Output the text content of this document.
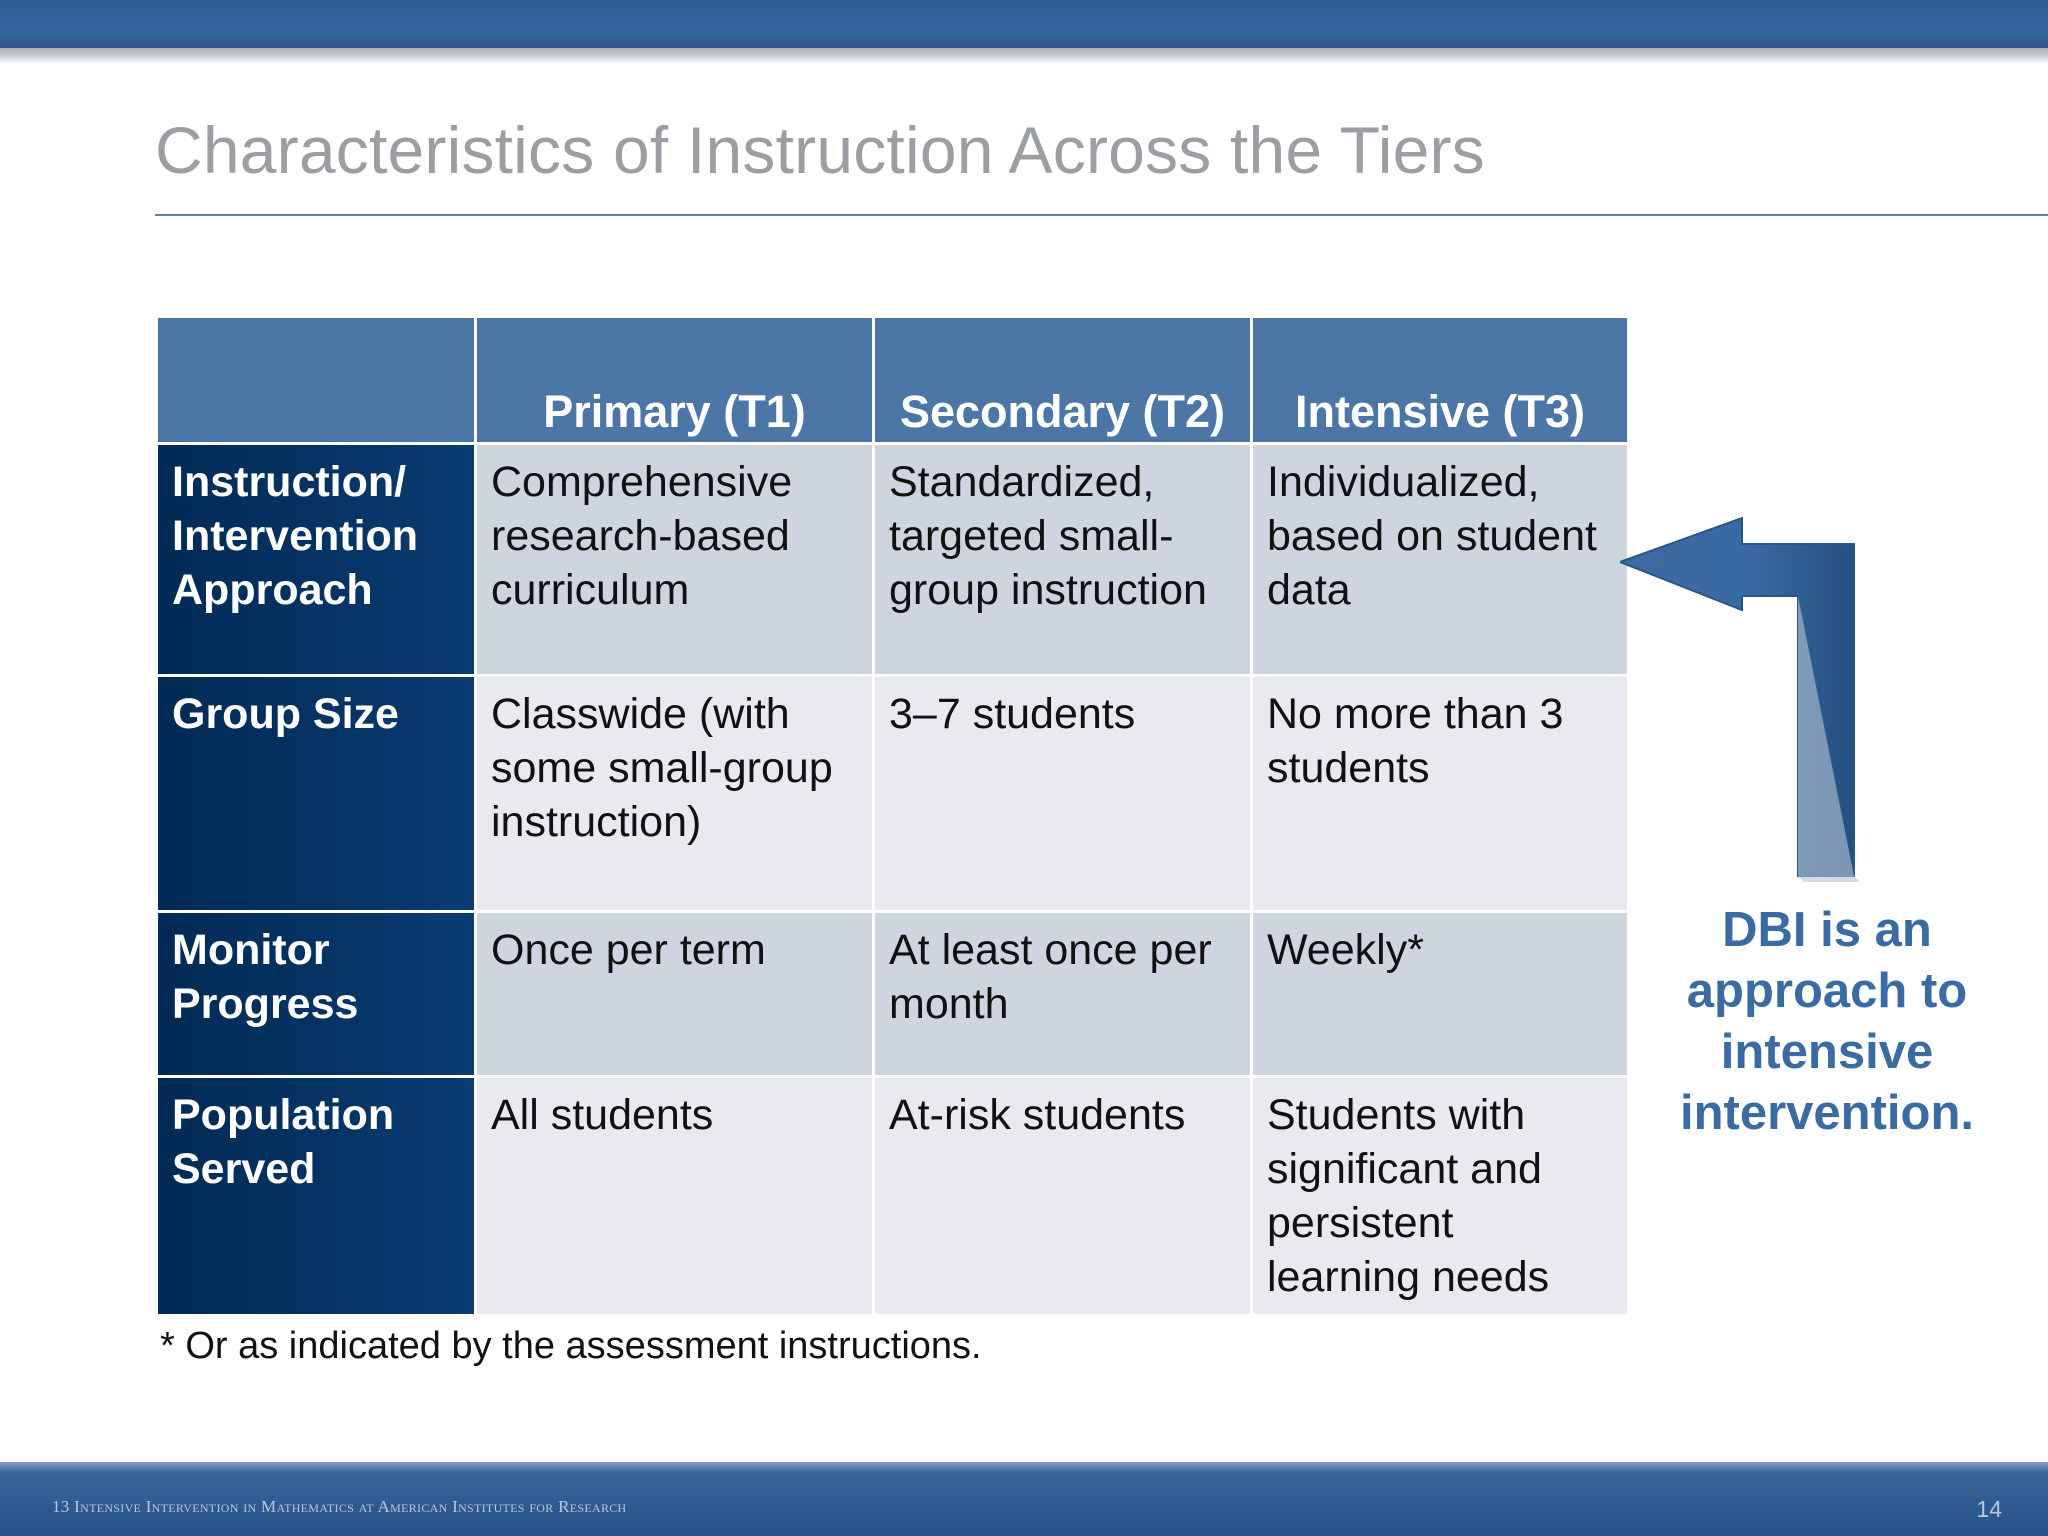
Characteristics of Instruction Across the Tiers
	Primary (T1)	Secondary (T2)	Intensive (T3)
Instruction/ Intervention Approach	Comprehensive research-based curriculum	Standardized, targeted small-group instruction	Individualized, based on student data
Group Size	Classwide (with some small-group instruction)	3–7 students	No more than 3 students
Monitor Progress	Once per term	At least once per month	Weekly*
Population Served	All students	At-risk students	Students with significant and persistent learning needs
* Or as indicated by the assessment instructions.
DBI is an approach to intensive intervention.
13 Intensive Intervention in Mathematics at American Institutes for Research	14
